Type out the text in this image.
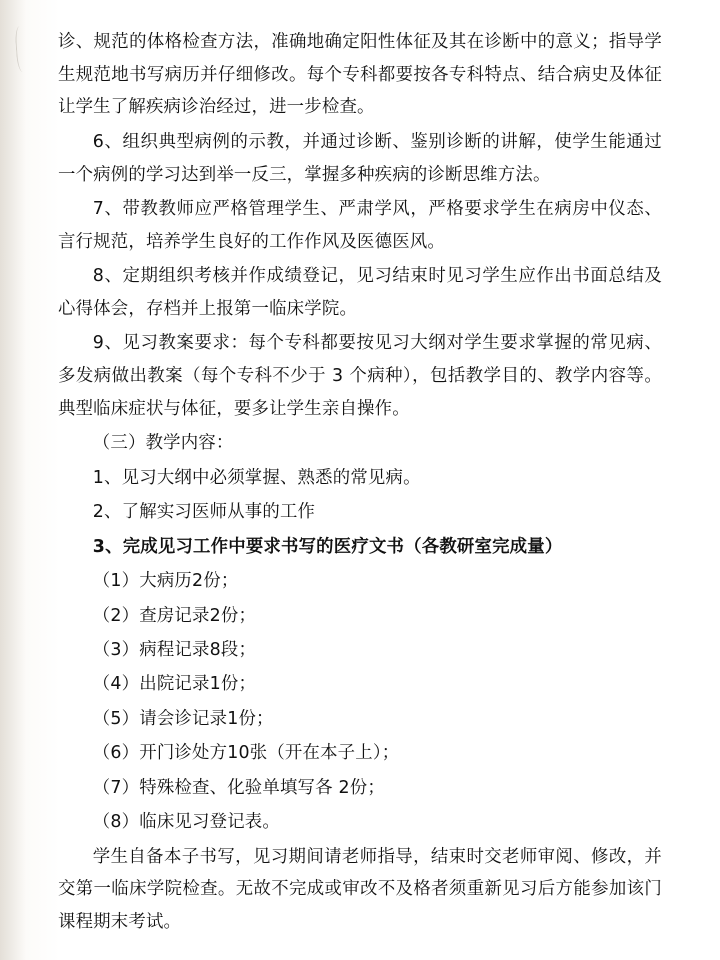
诊、规范的体格检查方法，准确地确定阳性体征及其在诊断中的意义；指导学生规范地书写病历并仔细修改。每个专科都要按各专科特点、结合病史及体征让学生了解疾病诊治经过，进一步检查。

6、组织典型病例的示教，并通过诊断、鉴别诊断的讲解，使学生能通过一个病例的学习达到举一反三，掌握多种疾病的诊断思维方法。

7、带教教师应严格管理学生、严肃学风，严格要求学生在病房中仪态、言行规范，培养学生良好的工作作风及医德医风。

8、定期组织考核并作成绩登记，见习结束时见习学生应作出书面总结及心得体会，存档并上报第一临床学院。

9、见习教案要求：每个专科都要按见习大纲对学生要求掌握的常见病、多发病做出教案（每个专科不少于 3 个病种），包括教学目的、教学内容等。典型临床症状与体征，要多让学生亲自操作。

（三）教学内容：

1、见习大纲中必须掌握、熟悉的常见病。

2、了解实习医师从事的工作

3、完成见习工作中要求书写的医疗文书（各教研室完成量）

（1）大病历2份；

（2）查房记录2份；

（3）病程记录8段；

（4）出院记录1份；

（5）请会诊记录1份；

（6）开门诊处方10张（开在本子上）；

（7）特殊检查、化验单填写各 2份；

（8）临床见习登记表。

学生自备本子书写，见习期间请老师指导，结束时交老师审阅、修改，并交第一临床学院检查。无故不完成或审改不及格者须重新见习后方能参加该门课程期末考试。
